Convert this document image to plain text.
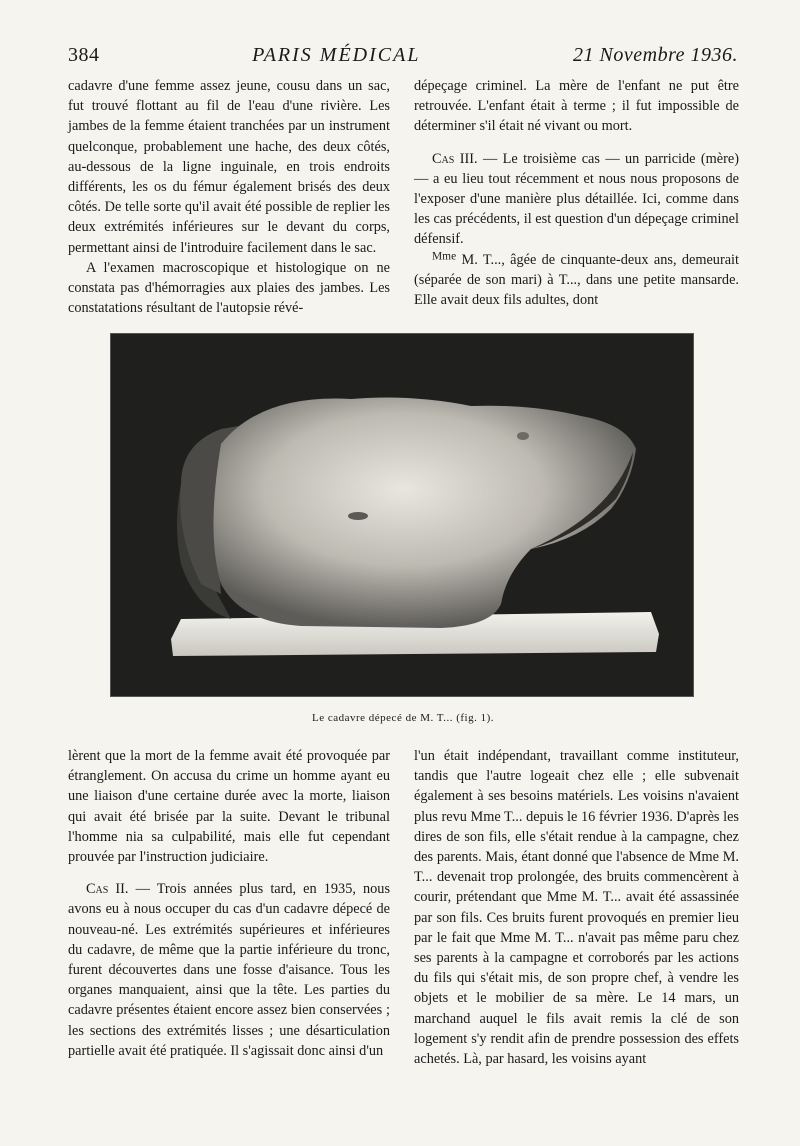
384	PARIS MÉDICAL	21 Novembre 1936.

cadavre d'une femme assez jeune, cousu dans un sac, fut trouvé flottant au fil de l'eau d'une rivière. Les jambes de la femme étaient tranchées par un instrument quelconque, probablement une hache, des deux côtés, au-dessous de la ligne inguinale, en trois endroits différents, les os du fémur également brisés des deux côtés. De telle sorte qu'il avait été possible de replier les deux extrémités inférieures sur le devant du corps, permettant ainsi de l'introduire facilement dans le sac.

A l'examen macroscopique et histologique on ne constata pas d'hémorragies aux plaies des jambes. Les constatations résultant de l'autopsie révé-

dépeçage criminel. La mère de l'enfant ne put être retrouvée. L'enfant était à terme ; il fut impossible de déterminer s'il était né vivant ou mort.

Cas III. — Le troisième cas — un parricide (mère) — a eu lieu tout récemment et nous nous proposons de l'exposer d'une manière plus détaillée. Ici, comme dans les cas précédents, il est question d'un dépeçage criminel défensif.

$^{Mme}$ M. T..., âgée de cinquante-deux ans, demeurait (séparée de son mari) à T..., dans une petite mansarde. Elle avait deux fils adultes, dont

Le cadavre dépecé de M. T... (fig. 1).

lèrent que la mort de la femme avait été provoquée par étranglement. On accusa du crime un homme ayant eu une liaison d'une certaine durée avec la morte, liaison qui avait été brisée par la suite. Devant le tribunal l'homme nia sa culpabilité, mais elle fut cependant prouvée par l'instruction judiciaire.

Cas II. — Trois années plus tard, en 1935, nous avons eu à nous occuper du cas d'un cadavre dépecé de nouveau-né. Les extrémités supérieures et inférieures du cadavre, de même que la partie inférieure du tronc, furent découvertes dans une fosse d'aisance. Tous les organes manquaient, ainsi que la tête. Les parties du cadavre présentes étaient encore assez bien conservées ; les sections des extrémités lisses ; une désarticulation partielle avait été pratiquée. Il s'agissait donc ainsi d'un

l'un était indépendant, travaillant comme instituteur, tandis que l'autre logeait chez elle ; elle subvenait également à ses besoins matériels. Les voisins n'avaient plus revu Mme T... depuis le 16 février 1936. D'après les dires de son fils, elle s'était rendue à la campagne, chez des parents. Mais, étant donné que l'absence de Mme M. T... devenait trop prolongée, des bruits commencèrent à courir, prétendant que Mme M. T... avait été assassinée par son fils. Ces bruits furent provoqués en premier lieu par le fait que Mme M. T... n'avait pas même paru chez ses parents à la campagne et corroborés par les actions du fils qui s'était mis, de son propre chef, à vendre les objets et le mobilier de sa mère. Le 14 mars, un marchand auquel le fils avait remis la clé de son logement s'y rendit afin de prendre possession des effets achetés. Là, par hasard, les voisins ayant
